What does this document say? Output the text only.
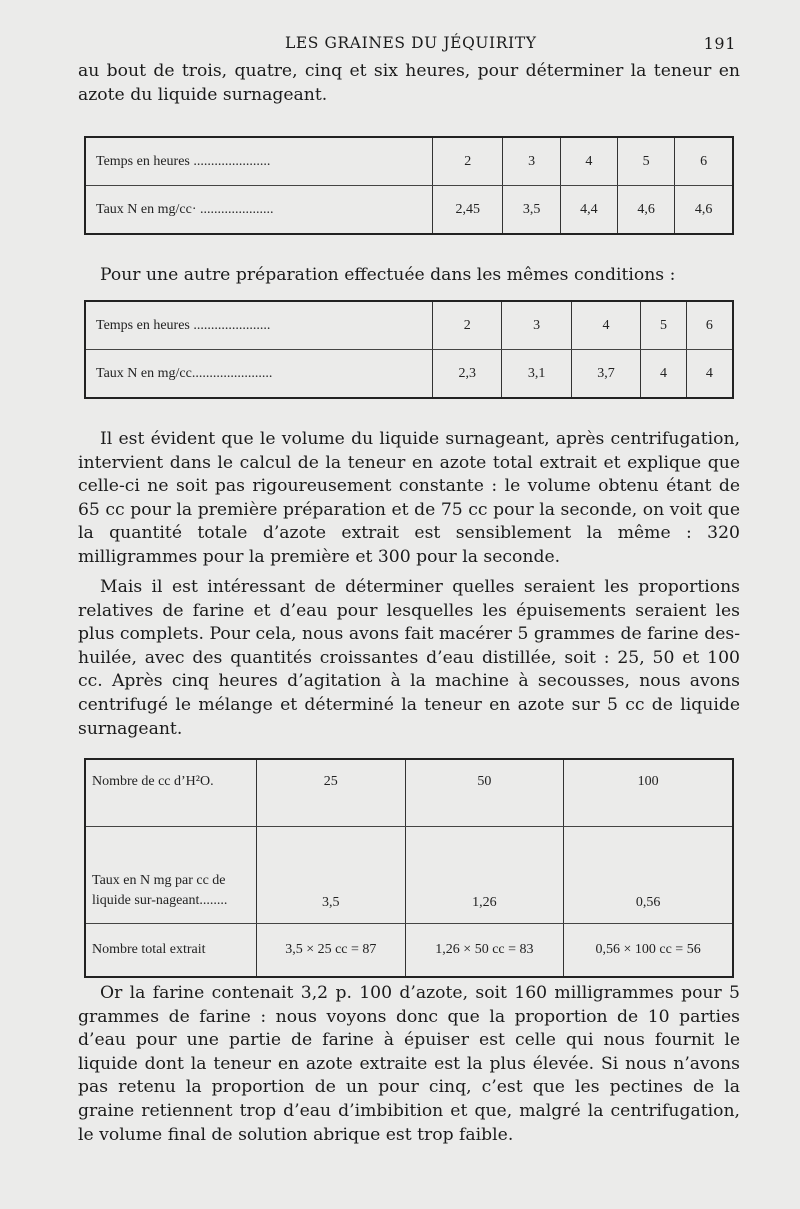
LES GRAINES DU JÉQUIRITY	191

au bout de trois, quatre, cinq et six heures, pour déterminer la teneur en azote du liquide surnageant.

Temps en heures ......................	2	3	4	5	6
Taux N en mg/cc· .....................	2,45	3,5	4,4	4,6	4,6

Pour une autre préparation effectuée dans les mêmes conditions :

Temps en heures ......................	2	3	4	5	6
Taux N en mg/cc.......................	2,3	3,1	3,7	4	4

Il est évident que le volume du liquide surnageant, après centrifugation, intervient dans le calcul de la teneur en azote total extrait et explique que celle-ci ne soit pas rigoureusement constante : le volume obtenu étant de 65 cc pour la première préparation et de 75 cc pour la seconde, on voit que la quantité totale d’azote extrait est sensiblement la même : 320 milligrammes pour la première et 300 pour la seconde.

Mais il est intéressant de déterminer quelles seraient les proportions relatives de farine et d’eau pour lesquelles les épuisements seraient les plus complets. Pour cela, nous avons fait macérer 5 grammes de farine des-huilée, avec des quantités croissantes d’eau distillée, soit : 25, 50 et 100 cc. Après cinq heures d’agitation à la machine à secousses, nous avons centrifugé le mélange et déterminé la teneur en azote sur 5 cc de liquide surnageant.

Nombre de cc d’H²O.	25	50	100
Taux en N mg par cc de liquide sur-nageant........	3,5	1,26	0,56
Nombre total extrait	3,5 × 25 cc = 87	1,26 × 50 cc = 83	0,56 × 100 cc = 56

Or la farine contenait 3,2 p. 100 d’azote, soit 160 milligrammes pour 5 grammes de farine : nous voyons donc que la proportion de 10 parties d’eau pour une partie de farine à épuiser est celle qui nous fournit le liquide dont la teneur en azote extraite est la plus élevée. Si nous n’avons pas retenu la proportion de un pour cinq, c’est que les pectines de la graine retiennent trop d’eau d’imbibition et que, malgré la centrifugation, le volume final de solution abrique est trop faible.
